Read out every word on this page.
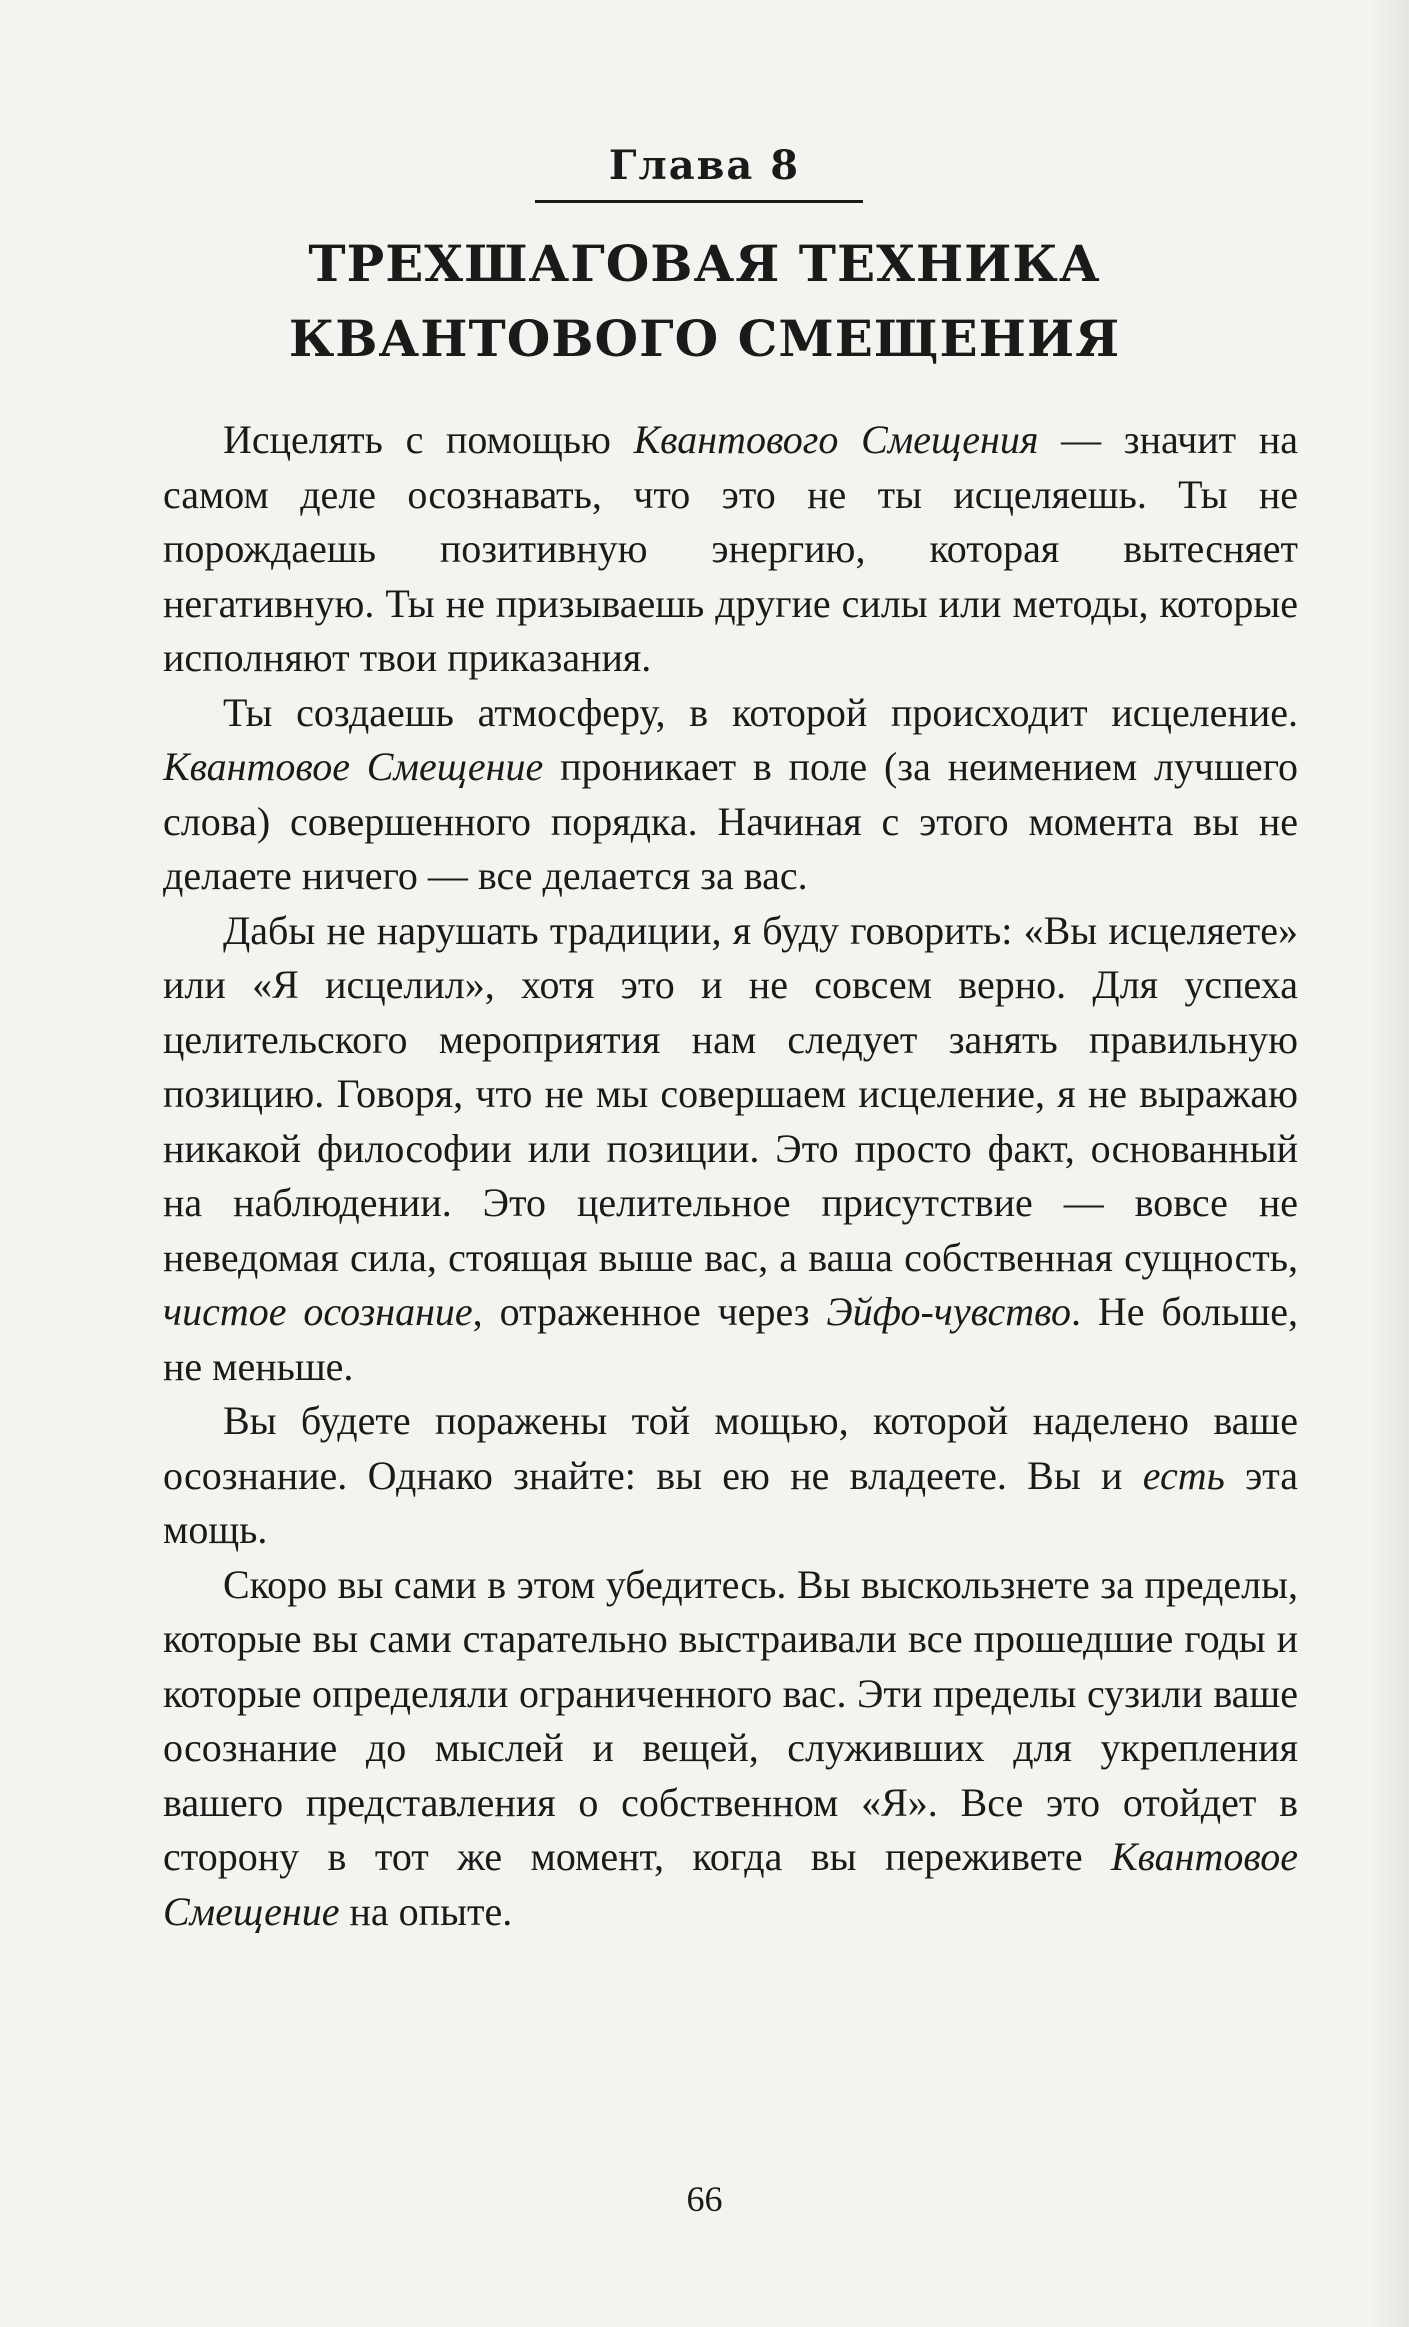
Глава 8
ТРЕХШАГОВАЯ ТЕХНИКА
КВАНТОВОГО СМЕЩЕНИЯ

Исцелять с помощью Квантового Смещения — значит на самом деле осознавать, что это не ты исцеляешь. Ты не порождаешь позитивную энергию, которая вытесняет негативную. Ты не призываешь другие силы или методы, которые исполняют твои приказания.

Ты создаешь атмосферу, в которой происходит исцеление. Квантовое Смещение проникает в поле (за неимением лучшего слова) совершенного порядка. Начиная с этого момента вы не делаете ничего — все делается за вас.

Дабы не нарушать традиции, я буду говорить: «Вы исцеляете» или «Я исцелил», хотя это и не совсем верно. Для успеха целительского мероприятия нам следует занять правильную позицию. Говоря, что не мы совершаем исцеление, я не выражаю никакой философии или позиции. Это просто факт, основанный на наблюдении. Это целительное присутствие — вовсе не неведомая сила, стоящая выше вас, а ваша собственная сущность, чистое осознание, отраженное через Эйфо-чувство. Не больше, не меньше.

Вы будете поражены той мощью, которой наделено ваше осознание. Однако знайте: вы ею не владеете. Вы и есть эта мощь.

Скоро вы сами в этом убедитесь. Вы выскользнете за пределы, которые вы сами старательно выстраивали все прошедшие годы и которые определяли ограниченного вас. Эти пределы сузили ваше осознание до мыслей и вещей, служивших для укрепления вашего представления о собственном «Я». Все это отойдет в сторону в тот же момент, когда вы переживете Квантовое Смещение на опыте.

66
